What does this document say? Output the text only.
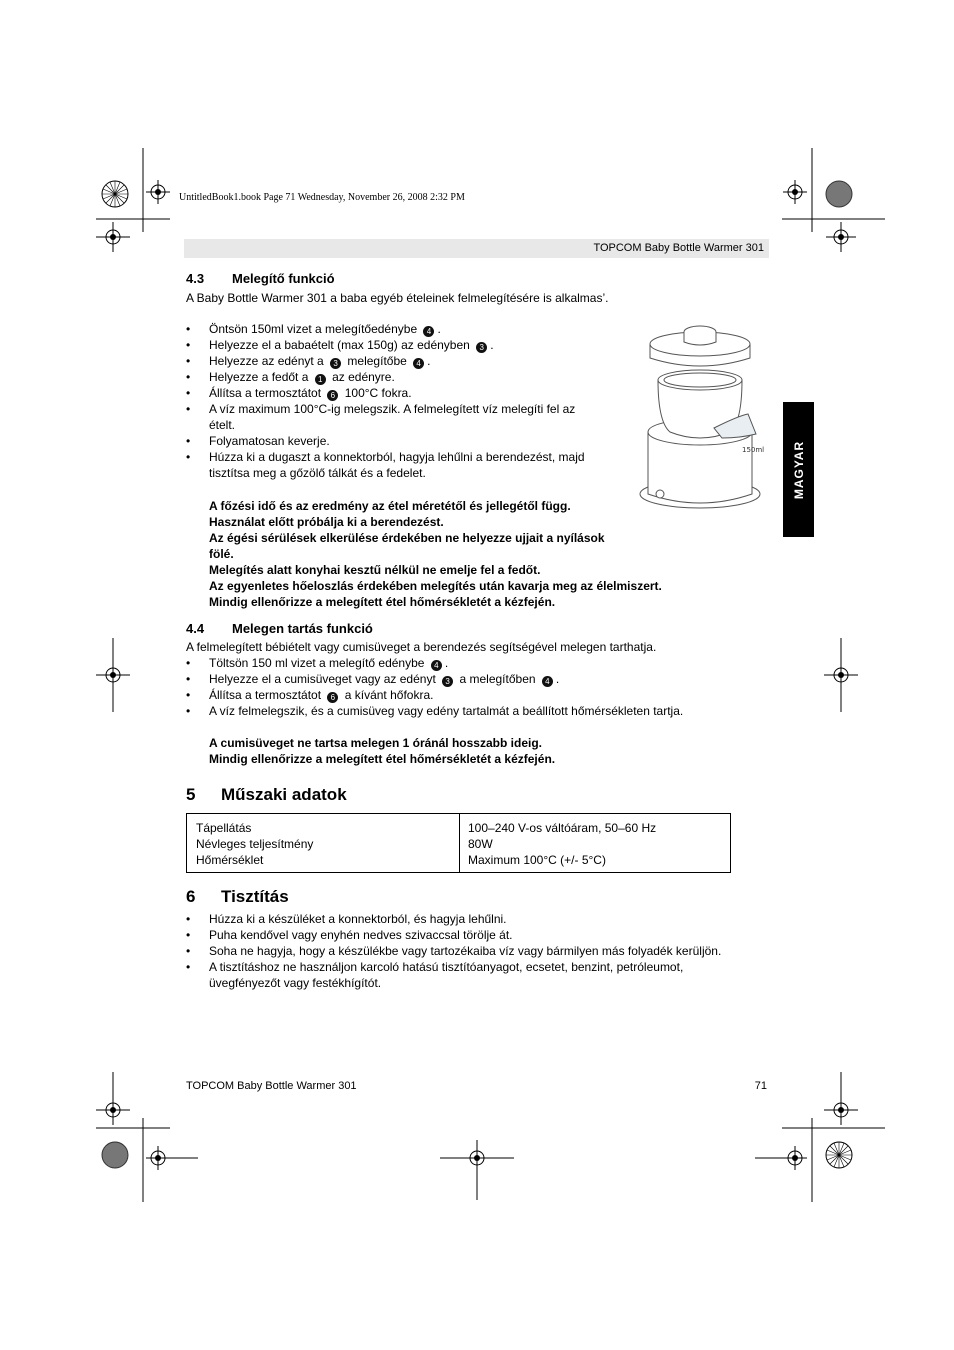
UntitledBook1.book Page 71 Wednesday, November 26, 2008 2:32 PM
TOPCOM Baby Bottle Warmer 301
MAGYAR
4.3 Melegítő funkció
A Baby Bottle Warmer 301 a baba egyéb ételeinek felmelegítésére is alkalmas’.
• Öntsön 150ml vizet a melegítőedénybe 4 .
• Helyezze el a babaételt (max 150g) az edényben 3 .
• Helyezze az edényt a 3 melegítőbe 4 .
• Helyezze a fedőt a 1 az edényre.
• Állítsa a termosztátot 6 100°C fokra.
• A víz maximum 100°C-ig melegszik. A felmelegített víz melegíti fel az
ételt.
• Folyamatosan keverje.
• Húzza ki a dugaszt a konnektorból, hagyja lehűlni a berendezést, majd
tisztítsa meg a gőzölő tálkát és a fedelet.
A főzési idő és az eredmény az étel méretétől és jellegétől függ.
Használat előtt próbálja ki a berendezést.
Az égési sérülések elkerülése érdekében ne helyezze ujjait a nyílások
fölé.
Melegítés alatt konyhai kesztű nélkül ne emelje fel a fedőt.
Az egyenletes hőeloszlás érdekében melegítés után kavarja meg az élelmiszert.
Mindig ellenőrizze a melegített étel hőmérsékletét a kézfején.
150ml
4.4 Melegen tartás funkció
A felmelegített bébiételt vagy cumisüveget a berendezés segítségével melegen tarthatja.
• Töltsön 150 ml vizet a melegítő edénybe 4 .
• Helyezze el a cumisüveget vagy az edényt 3 a melegítőben 4 .
• Állítsa a termosztátot 6 a kívánt hőfokra.
• A víz felmelegszik, és a cumisüveg vagy edény tartalmát a beállított hőmérsékleten tartja.
A cumisüveget ne tartsa melegen 1 óránál hosszabb ideig.
Mindig ellenőrizze a melegített étel hőmérsékletét a kézfején.
5 Műszaki adatok
Tápellátás
Névleges teljesítmény
Hőmérséklet
100–240 V-os váltóáram, 50–60 Hz
80W
Maximum 100°C (+/- 5°C)
6 Tisztítás
• Húzza ki a készüléket a konnektorból, és hagyja lehűlni.
• Puha kendővel vagy enyhén nedves szivaccsal törölje át.
• Soha ne hagyja, hogy a készülékbe vagy tartozékaiba víz vagy bármilyen más folyadék kerüljön.
• A tisztításhoz ne használjon karcoló hatású tisztítóanyagot, ecsetet, benzint, petróleumot,
üvegfényezőt vagy festékhígítót.
TOPCOM Baby Bottle Warmer 301	71
